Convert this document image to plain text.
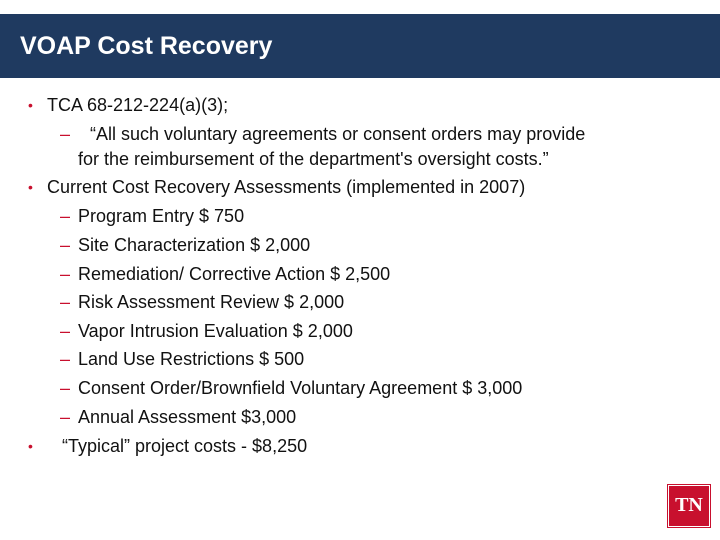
VOAP Cost Recovery
• TCA 68-212-224(a)(3);
– “All such voluntary agreements or consent orders may provide
for the reimbursement of the department's oversight costs.”
• Current Cost Recovery Assessments (implemented in 2007)
– Program Entry $ 750
– Site Characterization $ 2,000
– Remediation/ Corrective Action $ 2,500
– Risk Assessment Review $ 2,000
– Vapor Intrusion Evaluation $ 2,000
– Land Use Restrictions $ 500
– Consent Order/Brownfield Voluntary Agreement $ 3,000
– Annual Assessment $3,000
• “Typical” project costs - $8,250
TN
